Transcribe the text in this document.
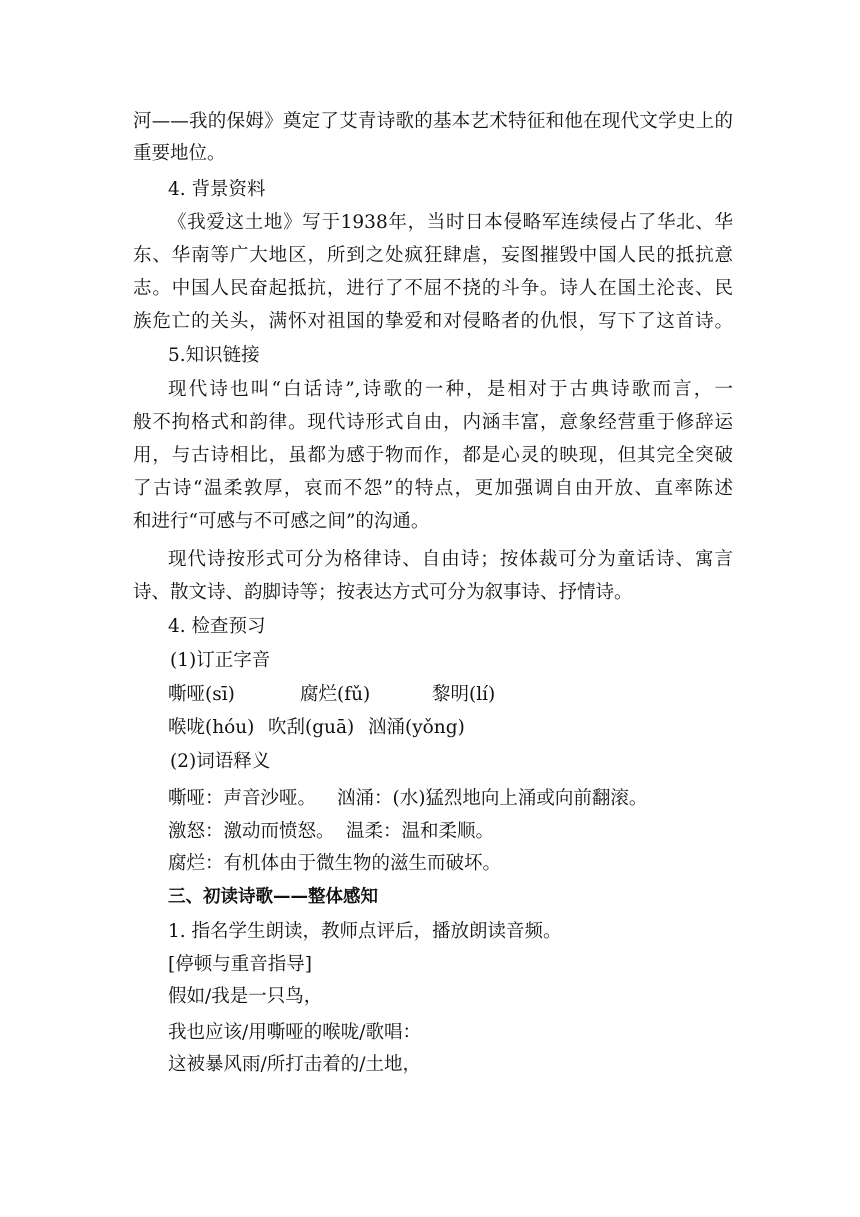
河——我的保姆》奠定了艾青诗歌的基本艺术特征和他在现代文学史上的
重要地位。
4. 背景资料
《我爱这土地》写于1938年，当时日本侵略军连续侵占了华北、华
东、华南等广大地区，所到之处疯狂肆虐，妄图摧毁中国人民的抵抗意
志。中国人民奋起抵抗，进行了不屈不挠的斗争。诗人在国土沦丧、民
族危亡的关头，满怀对祖国的挚爱和对侵略者的仇恨，写下了这首诗。
5.知识链接
现代诗也叫“白话诗”,诗歌的一种，是相对于古典诗歌而言，一
般不拘格式和韵律。现代诗形式自由，内涵丰富，意象经营重于修辞运
用，与古诗相比，虽都为感于物而作，都是心灵的映现，但其完全突破
了古诗“温柔敦厚，哀而不怨”的特点，更加强调自由开放、直率陈述
和进行“可感与不可感之间”的沟通。
现代诗按形式可分为格律诗、自由诗；按体裁可分为童话诗、寓言
诗、散文诗、韵脚诗等；按表达方式可分为叙事诗、抒情诗。
4. 检查预习
(1)订正字音
嘶哑(sī)	腐烂(fǔ)	黎明(lí)
喉咙(hóu) 吹刮(guā) 汹涌(yǒng)
(2)词语释义
嘶哑：声音沙哑。 汹涌：(水)猛烈地向上涌或向前翻滚。
激怒：激动而愤怒。 温柔：温和柔顺。
腐烂：有机体由于微生物的滋生而破坏。
三、初读诗歌——整体感知
1. 指名学生朗读，教师点评后，播放朗读音频。
[停顿与重音指导]
假如/我是一只鸟，
我也应该/用嘶哑的喉咙/歌唱：
这被暴风雨/所打击着的/土地，
